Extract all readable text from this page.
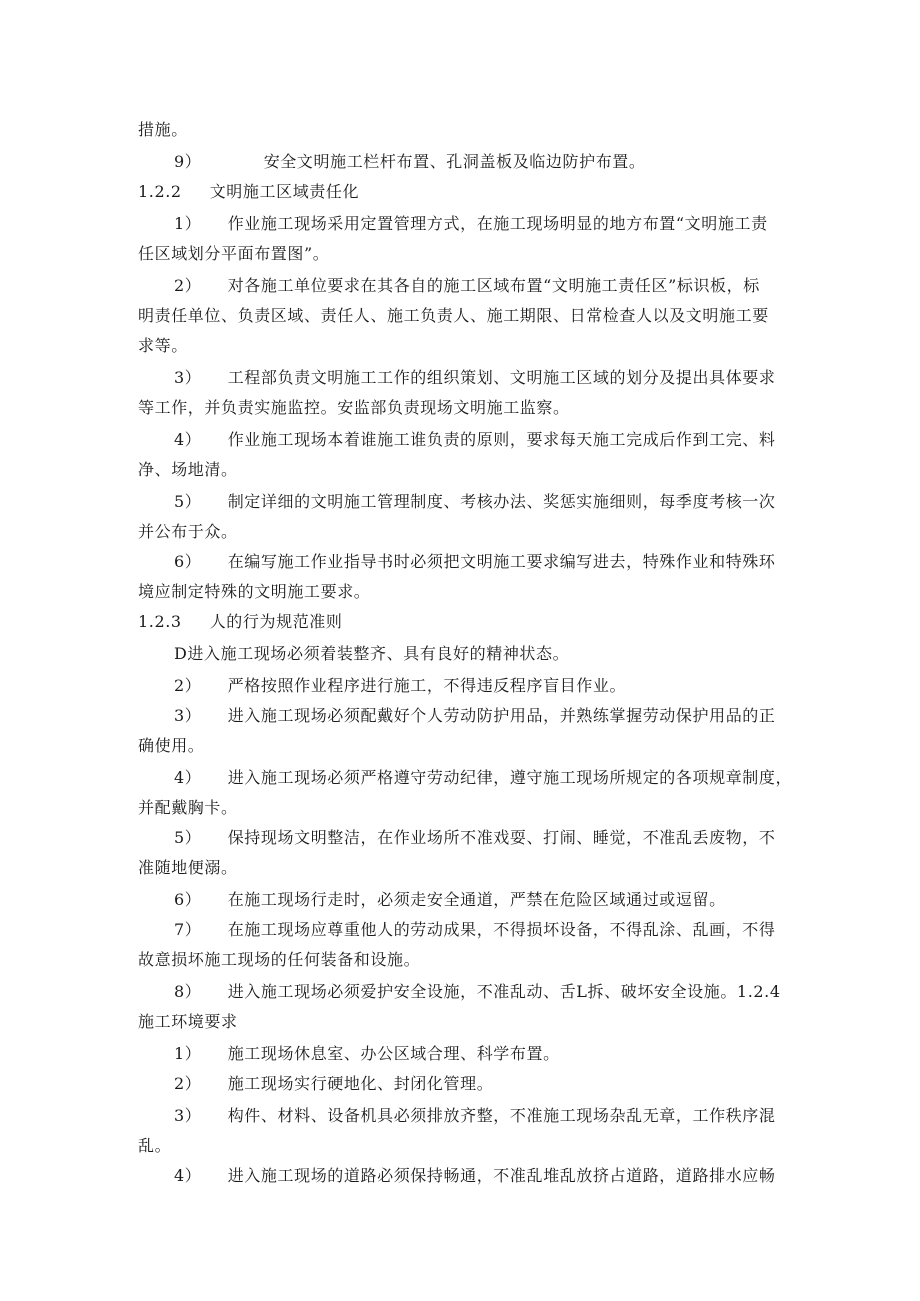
措施。
9）	安全文明施工栏杆布置、孔洞盖板及临边防护布置。
1.2.2 文明施工区域责任化
1） 作业施工现场采用定置管理方式，在施工现场明显的地方布置“文明施工责
任区域划分平面布置图”。
2） 对各施工单位要求在其各自的施工区域布置“文明施工责任区”标识板，标
明责任单位、负责区域、责任人、施工负责人、施工期限、日常检查人以及文明施工要
求等。
3） 工程部负责文明施工工作的组织策划、文明施工区域的划分及提出具体要求
等工作，并负责实施监控。安监部负责现场文明施工监察。
4） 作业施工现场本着谁施工谁负责的原则，要求每天施工完成后作到工完、料
净、场地清。
5） 制定详细的文明施工管理制度、考核办法、奖惩实施细则，每季度考核一次
并公布于众。
6） 在编写施工作业指导书时必须把文明施工要求编写进去，特殊作业和特殊环
境应制定特殊的文明施工要求。
1.2.3 人的行为规范准则
D进入施工现场必须着装整齐、具有良好的精神状态。
2） 严格按照作业程序进行施工，不得违反程序盲目作业。
3） 进入施工现场必须配戴好个人劳动防护用品，并熟练掌握劳动保护用品的正
确使用。
4） 进入施工现场必须严格遵守劳动纪律，遵守施工现场所规定的各项规章制度，
并配戴胸卡。
5） 保持现场文明整洁，在作业场所不准戏耍、打闹、睡觉，不准乱丢废物，不
准随地便溺。
6） 在施工现场行走时，必须走安全通道，严禁在危险区域通过或逗留。
7） 在施工现场应尊重他人的劳动成果，不得损坏设备，不得乱涂、乱画，不得
故意损坏施工现场的任何装备和设施。
8） 进入施工现场必须爱护安全设施，不准乱动、舌L拆、破坏安全设施。1.2.4
施工环境要求
1） 施工现场休息室、办公区域合理、科学布置。
2） 施工现场实行硬地化、封闭化管理。
3） 构件、材料、设备机具必须排放齐整，不准施工现场杂乱无章，工作秩序混
乱。
4） 进入施工现场的道路必须保持畅通，不准乱堆乱放挤占道路，道路排水应畅
